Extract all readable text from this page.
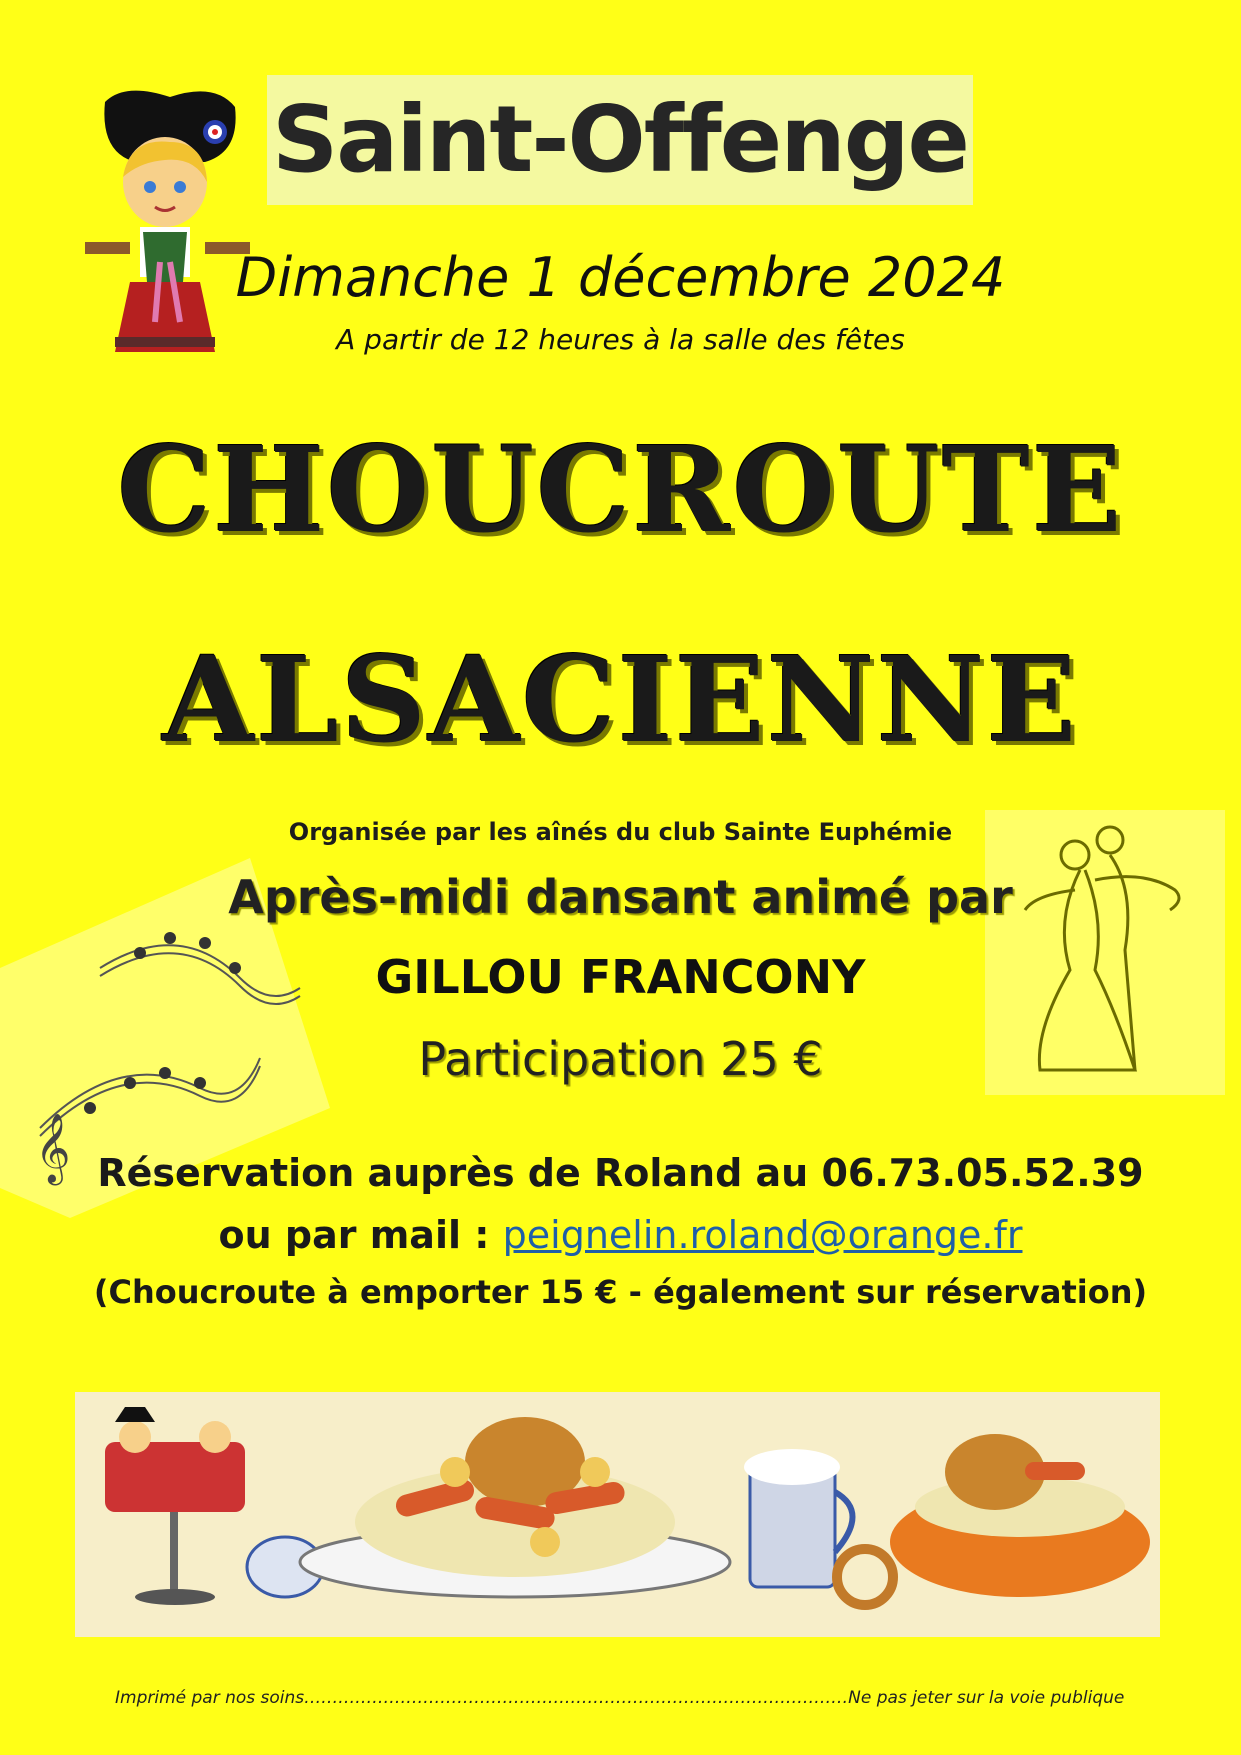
Saint-Offenge
Dimanche 1 décembre 2024
A partir de 12 heures à la salle des fêtes
CHOUCROUTE
ALSACIENNE
𝄞
Organisée par les aînés du club Sainte Euphémie
Après-midi dansant animé par
GILLOU FRANCONY
Participation 25 €
Réservation auprès de Roland au 06.73.05.52.39
ou par mail : peignelin.roland@orange.fr
(Choucroute à emporter 15 € - également sur réservation)
Imprimé par nos soins……………………………………………………………………………………Ne pas jeter sur la voie publique
